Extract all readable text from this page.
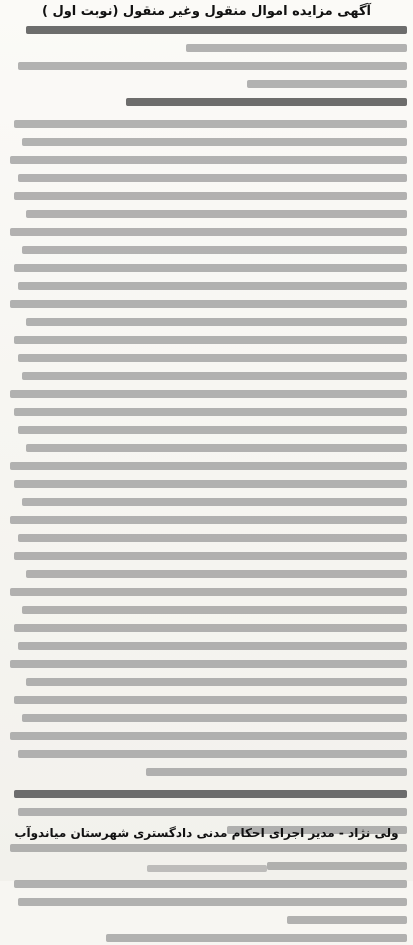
آگهی مزایده اموال منقول وغیر منقول (نوبت اول )
ولی نژاد - مدیر اجرای احکام مدنی دادگستری شهرستان میاندوآب
